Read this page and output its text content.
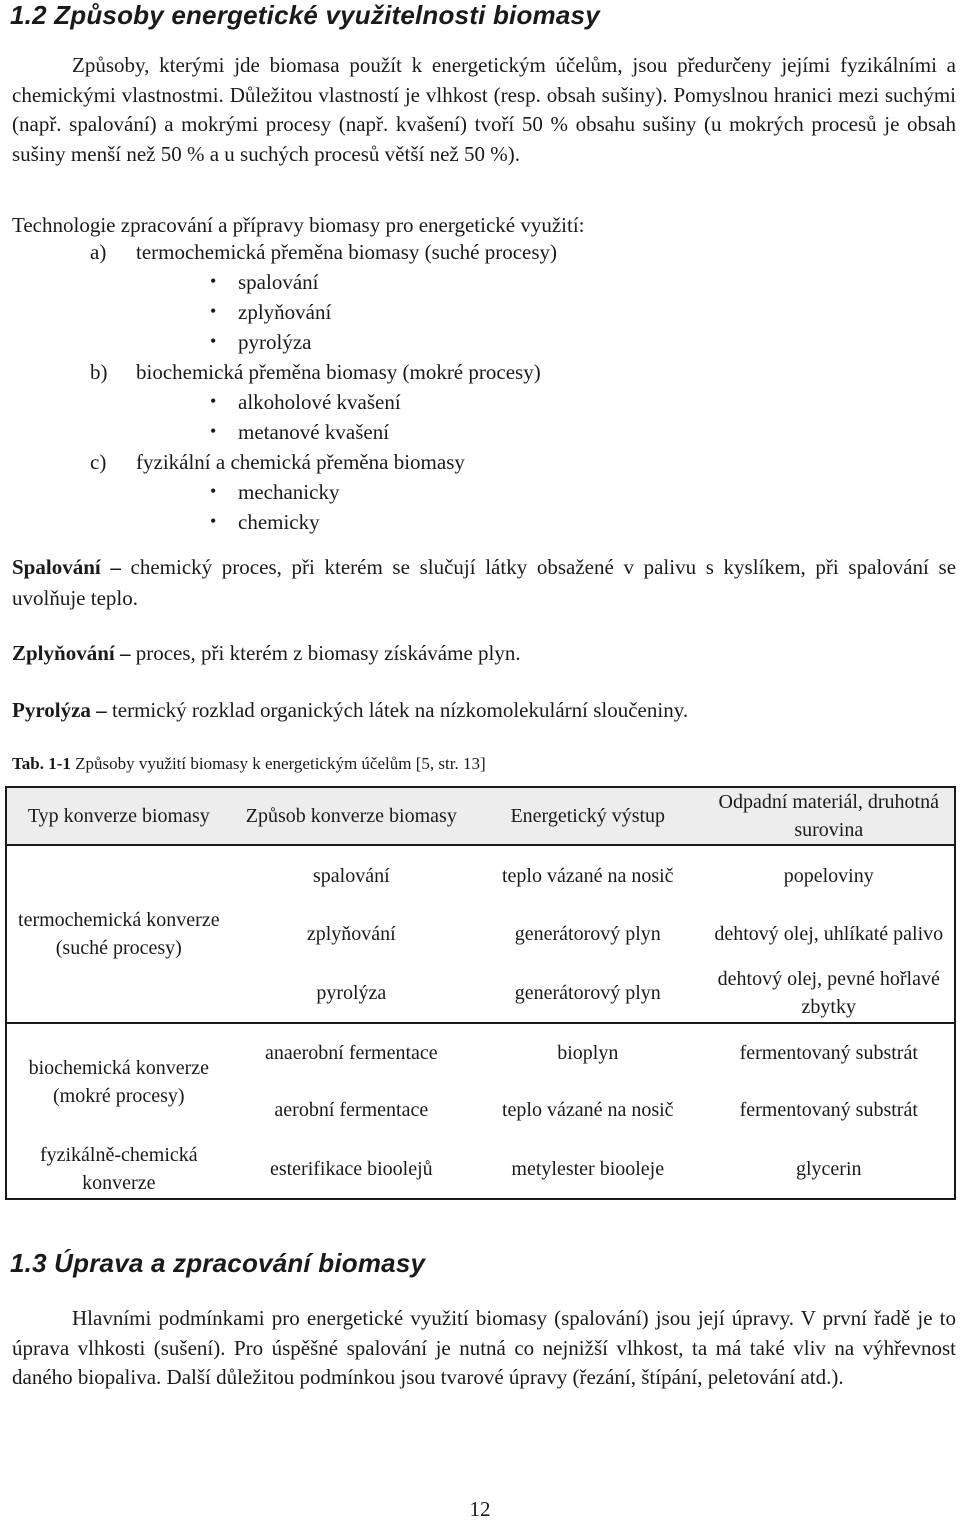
1.2 Způsoby energetické využitelnosti biomasy
Způsoby, kterými jde biomasa použít k energetickým účelům, jsou předurčeny jejími fyzikálními a chemickými vlastnostmi. Důležitou vlastností je vlhkost (resp. obsah sušiny). Pomyslnou hranici mezi suchými (např. spalování) a mokrými procesy (např. kvašení) tvoří 50 % obsahu sušiny (u mokrých procesů je obsah sušiny menší než 50 % a u suchých procesů větší než 50 %).
Technologie zpracování a přípravy biomasy pro energetické využití:
a) termochemická přeměna biomasy (suché procesy)
• spalování
• zplyňování
• pyrolýza
b) biochemická přeměna biomasy (mokré procesy)
• alkoholové kvašení
• metanové kvašení
c) fyzikální a chemická přeměna biomasy
• mechanicky
• chemicky
Spalování – chemický proces, při kterém se slučují látky obsažené v palivu s kyslíkem, při spalování se uvolňuje teplo.
Zplyňování – proces, při kterém z biomasy získáváme plyn.
Pyrolýza – termický rozklad organických látek na nízkomolekulární sloučeniny.
Tab. 1-1 Způsoby využití biomasy k energetickým účelům [5, str. 13]
Typ konverze biomasy	Způsob konverze biomasy	Energetický výstup	Odpadní materiál, druhotná surovina
termochemická konverze (suché procesy)	spalování	teplo vázané na nosič	popeloviny
	zplyňování	generátorový plyn	dehtový olej, uhlíkaté palivo
	pyrolýza	generátorový plyn	dehtový olej, pevné hořlavé zbytky
biochemická konverze (mokré procesy)	anaerobní fermentace	bioplyn	fermentovaný substrát
	aerobní fermentace	teplo vázané na nosič	fermentovaný substrát
fyzikálně-chemická konverze	esterifikace bioolejů	metylester biooleje	glycerin
1.3 Úprava a zpracování biomasy
Hlavními podmínkami pro energetické využití biomasy (spalování) jsou její úpravy. V první řadě je to úprava vlhkosti (sušení). Pro úspěšné spalování je nutná co nejnižší vlhkost, ta má také vliv na výhřevnost daného biopaliva. Další důležitou podmínkou jsou tvarové úpravy (řezání, štípání, peletování atd.).
12
